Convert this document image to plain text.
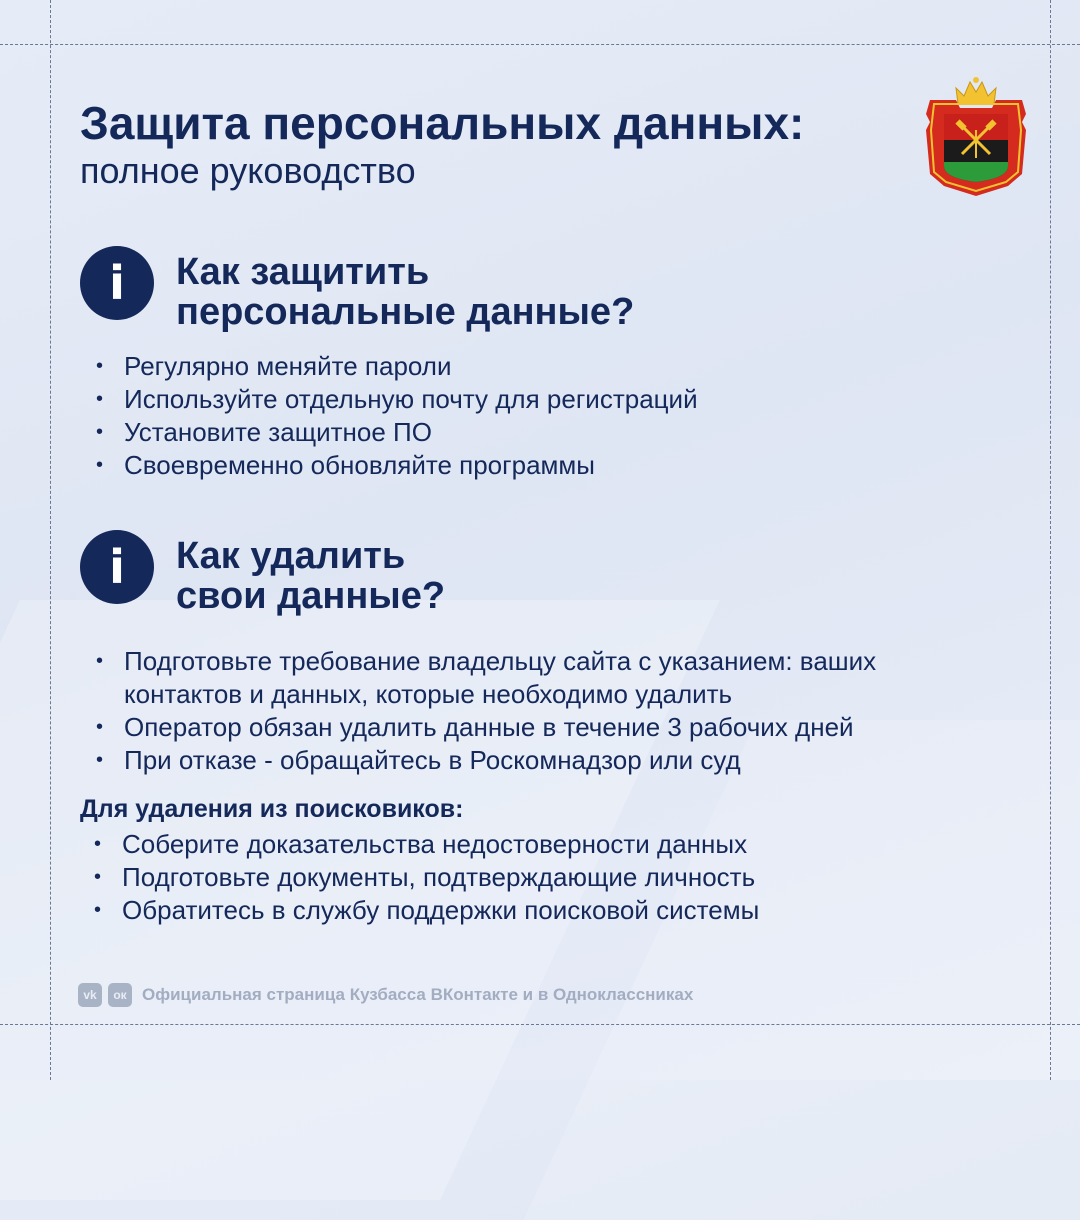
Защита персональных данных:
полное руководство
i	Как защитить
персональные данные?
• Регулярно меняйте пароли
• Используйте отдельную почту для регистраций
• Установите защитное ПО
• Своевременно обновляйте программы
i	Как удалить
свои данные?
• Подготовьте требование владельцу сайта с указанием: ваших
контактов и данных, которые необходимо удалить
• Оператор обязан удалить данные в течение 3 рабочих дней
• При отказе - обращайтесь в Роскомнадзор или суд
Для удаления из поисковиков:
• Соберите доказательства недостоверности данных
• Подготовьте документы, подтверждающие личность
• Обратитесь в службу поддержки поисковой системы
vk	ок Официальная страница Кузбасса ВКонтакте и в Одноклассниках
